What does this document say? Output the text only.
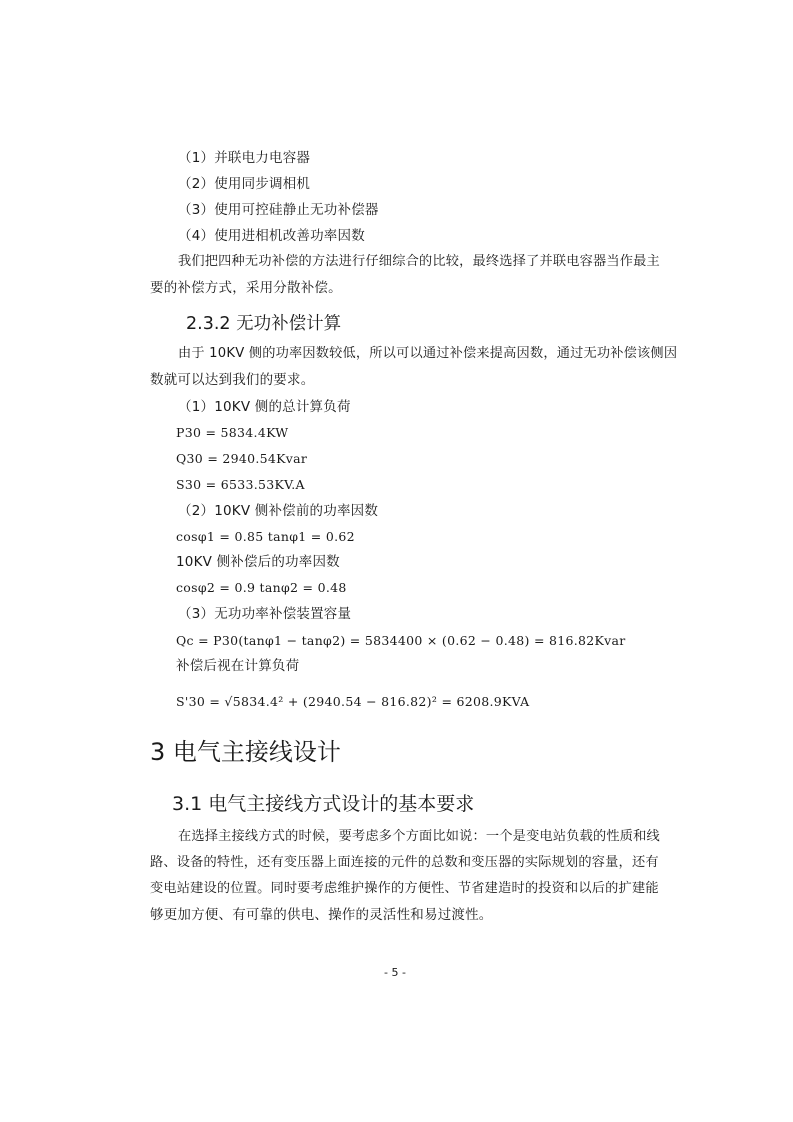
（1）并联电力电容器
（2）使用同步调相机
（3）使用可控硅静止无功补偿器
（4）使用进相机改善功率因数
我们把四种无功补偿的方法进行仔细综合的比较，最终选择了并联电容器当作最主
要的补偿方式，采用分散补偿。
2.3.2 无功补偿计算
由于 10KV 侧的功率因数较低，所以可以通过补偿来提高因数，通过无功补偿该侧因
数就可以达到我们的要求。
（1）10KV 侧的总计算负荷
P30 = 5834.4KW
Q30 = 2940.54Kvar
S30 = 6533.53KV.A
（2）10KV 侧补偿前的功率因数
cosφ1 = 0.85 tanφ1 = 0.62
10KV 侧补偿后的功率因数
cosφ2 = 0.9 tanφ2 = 0.48
（3）无功功率补偿装置容量
Qc = P30(tanφ1 − tanφ2) = 5834400 × (0.62 − 0.48) = 816.82Kvar
补偿后视在计算负荷
S'30 = √5834.4² + (2940.54 − 816.82)² = 6208.9KVA
3 电气主接线设计
3.1 电气主接线方式设计的基本要求
在选择主接线方式的时候，要考虑多个方面比如说：一个是变电站负载的性质和线
路、设备的特性，还有变压器上面连接的元件的总数和变压器的实际规划的容量，还有
变电站建设的位置。同时要考虑维护操作的方便性、节省建造时的投资和以后的扩建能
够更加方便、有可靠的供电、操作的灵活性和易过渡性。
- 5 -
